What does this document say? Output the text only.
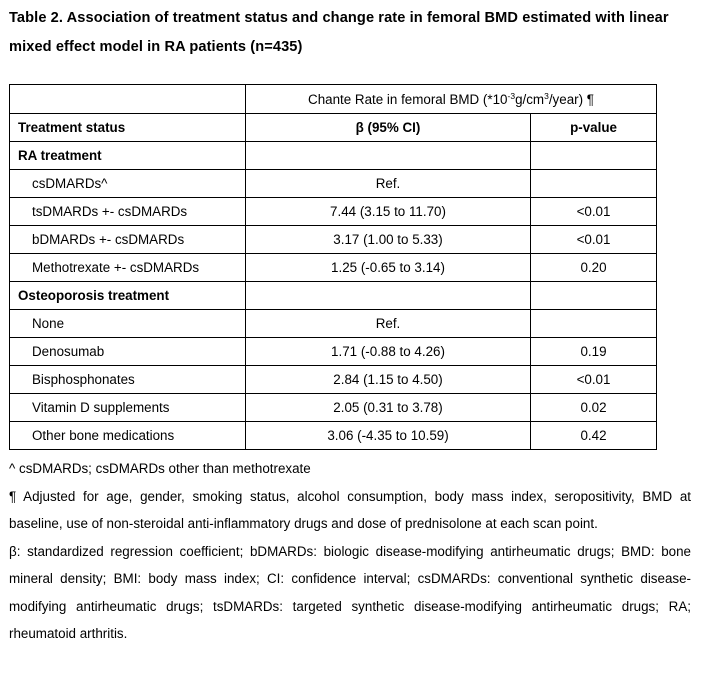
Table 2. Association of treatment status and change rate in femoral BMD estimated with linear mixed effect model in RA patients (n=435)
	Chante Rate in femoral BMD $(*10^{-3}g/cm^3/year)$ ¶	
Treatment status	β (95% CI)	p-value
RA treatment		
csDMARDs^	Ref.	
tsDMARDs +- csDMARDs	7.44 (3.15 to 11.70)	<0.01
bDMARDs +- csDMARDs	3.17 (1.00 to 5.33)	<0.01
Methotrexate +- csDMARDs	1.25 (-0.65 to 3.14)	0.20
Osteoporosis treatment		
None	Ref.	
Denosumab	1.71 (-0.88 to 4.26)	0.19
Bisphosphonates	2.84 (1.15 to 4.50)	<0.01
Vitamin D supplements	2.05 (0.31 to 3.78)	0.02
Other bone medications	3.06 (-4.35 to 10.59)	0.42

^ csDMARDs; csDMARDs other than methotrexate

¶ Adjusted for age, gender, smoking status, alcohol consumption, body mass index, seropositivity, BMD at baseline, use of non-steroidal anti-inflammatory drugs and dose of prednisolone at each scan point.

β: standardized regression coefficient; bDMARDs: biologic disease-modifying antirheumatic drugs; BMD: bone mineral density; BMI: body mass index; CI: confidence interval; csDMARDs: conventional synthetic disease-modifying antirheumatic drugs; tsDMARDs: targeted synthetic disease-modifying antirheumatic drugs; RA; rheumatoid arthritis.
